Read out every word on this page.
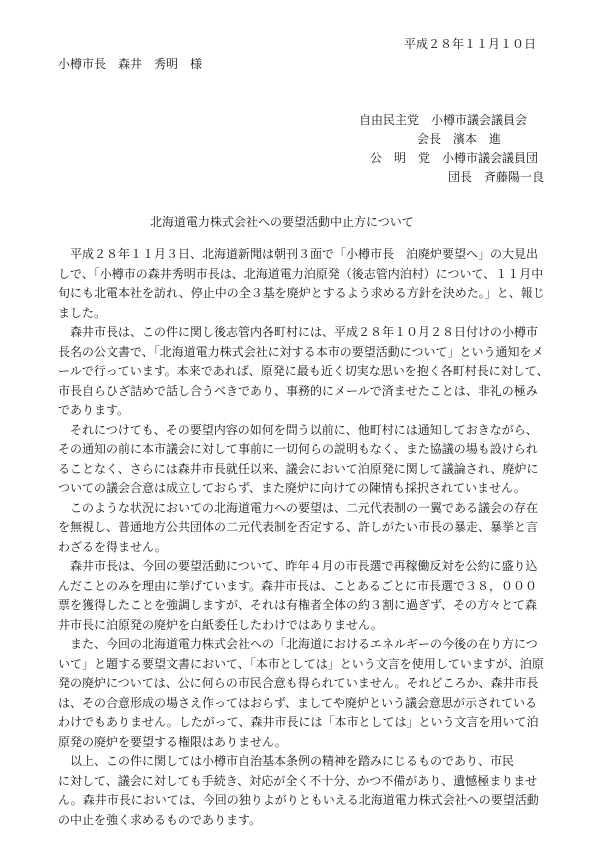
平成２８年１１月１０日
小樽市長　森井　秀明　様
自由民主党　小樽市議会議員会
会長　濱本　進
公　明　党　小樽市議会議員団
団長　斉藤陽一良
北海道電力株式会社への要望活動中止方について
　平成２８年１１月３日、北海道新聞は朝刊３面で「小樽市長　泊廃炉要望へ」の大見出
しで、「小樽市の森井秀明市長は、北海道電力泊原発（後志管内泊村）について、１１月中
旬にも北電本社を訪れ、停止中の全３基を廃炉とするよう求める方針を決めた。」と、報じ
ました。
　森井市長は、この件に関し後志管内各町村には、平成２８年１０月２８日付けの小樽市
長名の公文書で、「北海道電力株式会社に対する本市の要望活動について」という通知をメ
ールで行っています。本来であれば、原発に最も近く切実な思いを抱く各町村長に対して、
市長自らひざ詰めで話し合うべきであり、事務的にメールで済ませたことは、非礼の極み
であります。
　それにつけても、その要望内容の如何を問う以前に、他町村には通知しておきながら、
その通知の前に本市議会に対して事前に一切何らの説明もなく、また協議の場も設けられ
ることなく、さらには森井市長就任以来、議会において泊原発に関して議論され、廃炉に
ついての議会合意は成立しておらず、また廃炉に向けての陳情も採択されていません。
　このような状況においての北海道電力への要望は、二元代表制の一翼である議会の存在
を無視し、普通地方公共団体の二元代表制を否定する、許しがたい市長の暴走、暴挙と言
わざるを得ません。
　森井市長は、今回の要望活動について、昨年４月の市長選で再稼働反対を公約に盛り込
んだことのみを理由に挙げています。森井市長は、ことあるごとに市長選で３８，０００
票を獲得したことを強調しますが、それは有権者全体の約３割に過ぎず、その方々とて森
井市長に泊原発の廃炉を白紙委任したわけではありません。
　また、今回の北海道電力株式会社への「北海道におけるエネルギーの今後の在り方につ
いて」と題する要望文書において、「本市としては」という文言を使用していますが、泊原
発の廃炉については、公に何らの市民合意も得られていません。それどころか、森井市長
は、その合意形成の場さえ作ってはおらず、ましてや廃炉という議会意思が示されている
わけでもありません。したがって、森井市長には「本市としては」という文言を用いて泊
原発の廃炉を要望する権限はありません。
　以上、この件に関しては小樽市自治基本条例の精神を踏みにじるものであり、市民
に対して、議会に対しても手続き、対応が全く不十分、かつ不備があり、遺憾極まりませ
ん。森井市長においては、今回の独りよがりともいえる北海道電力株式会社への要望活動
の中止を強く求めるものであります。
